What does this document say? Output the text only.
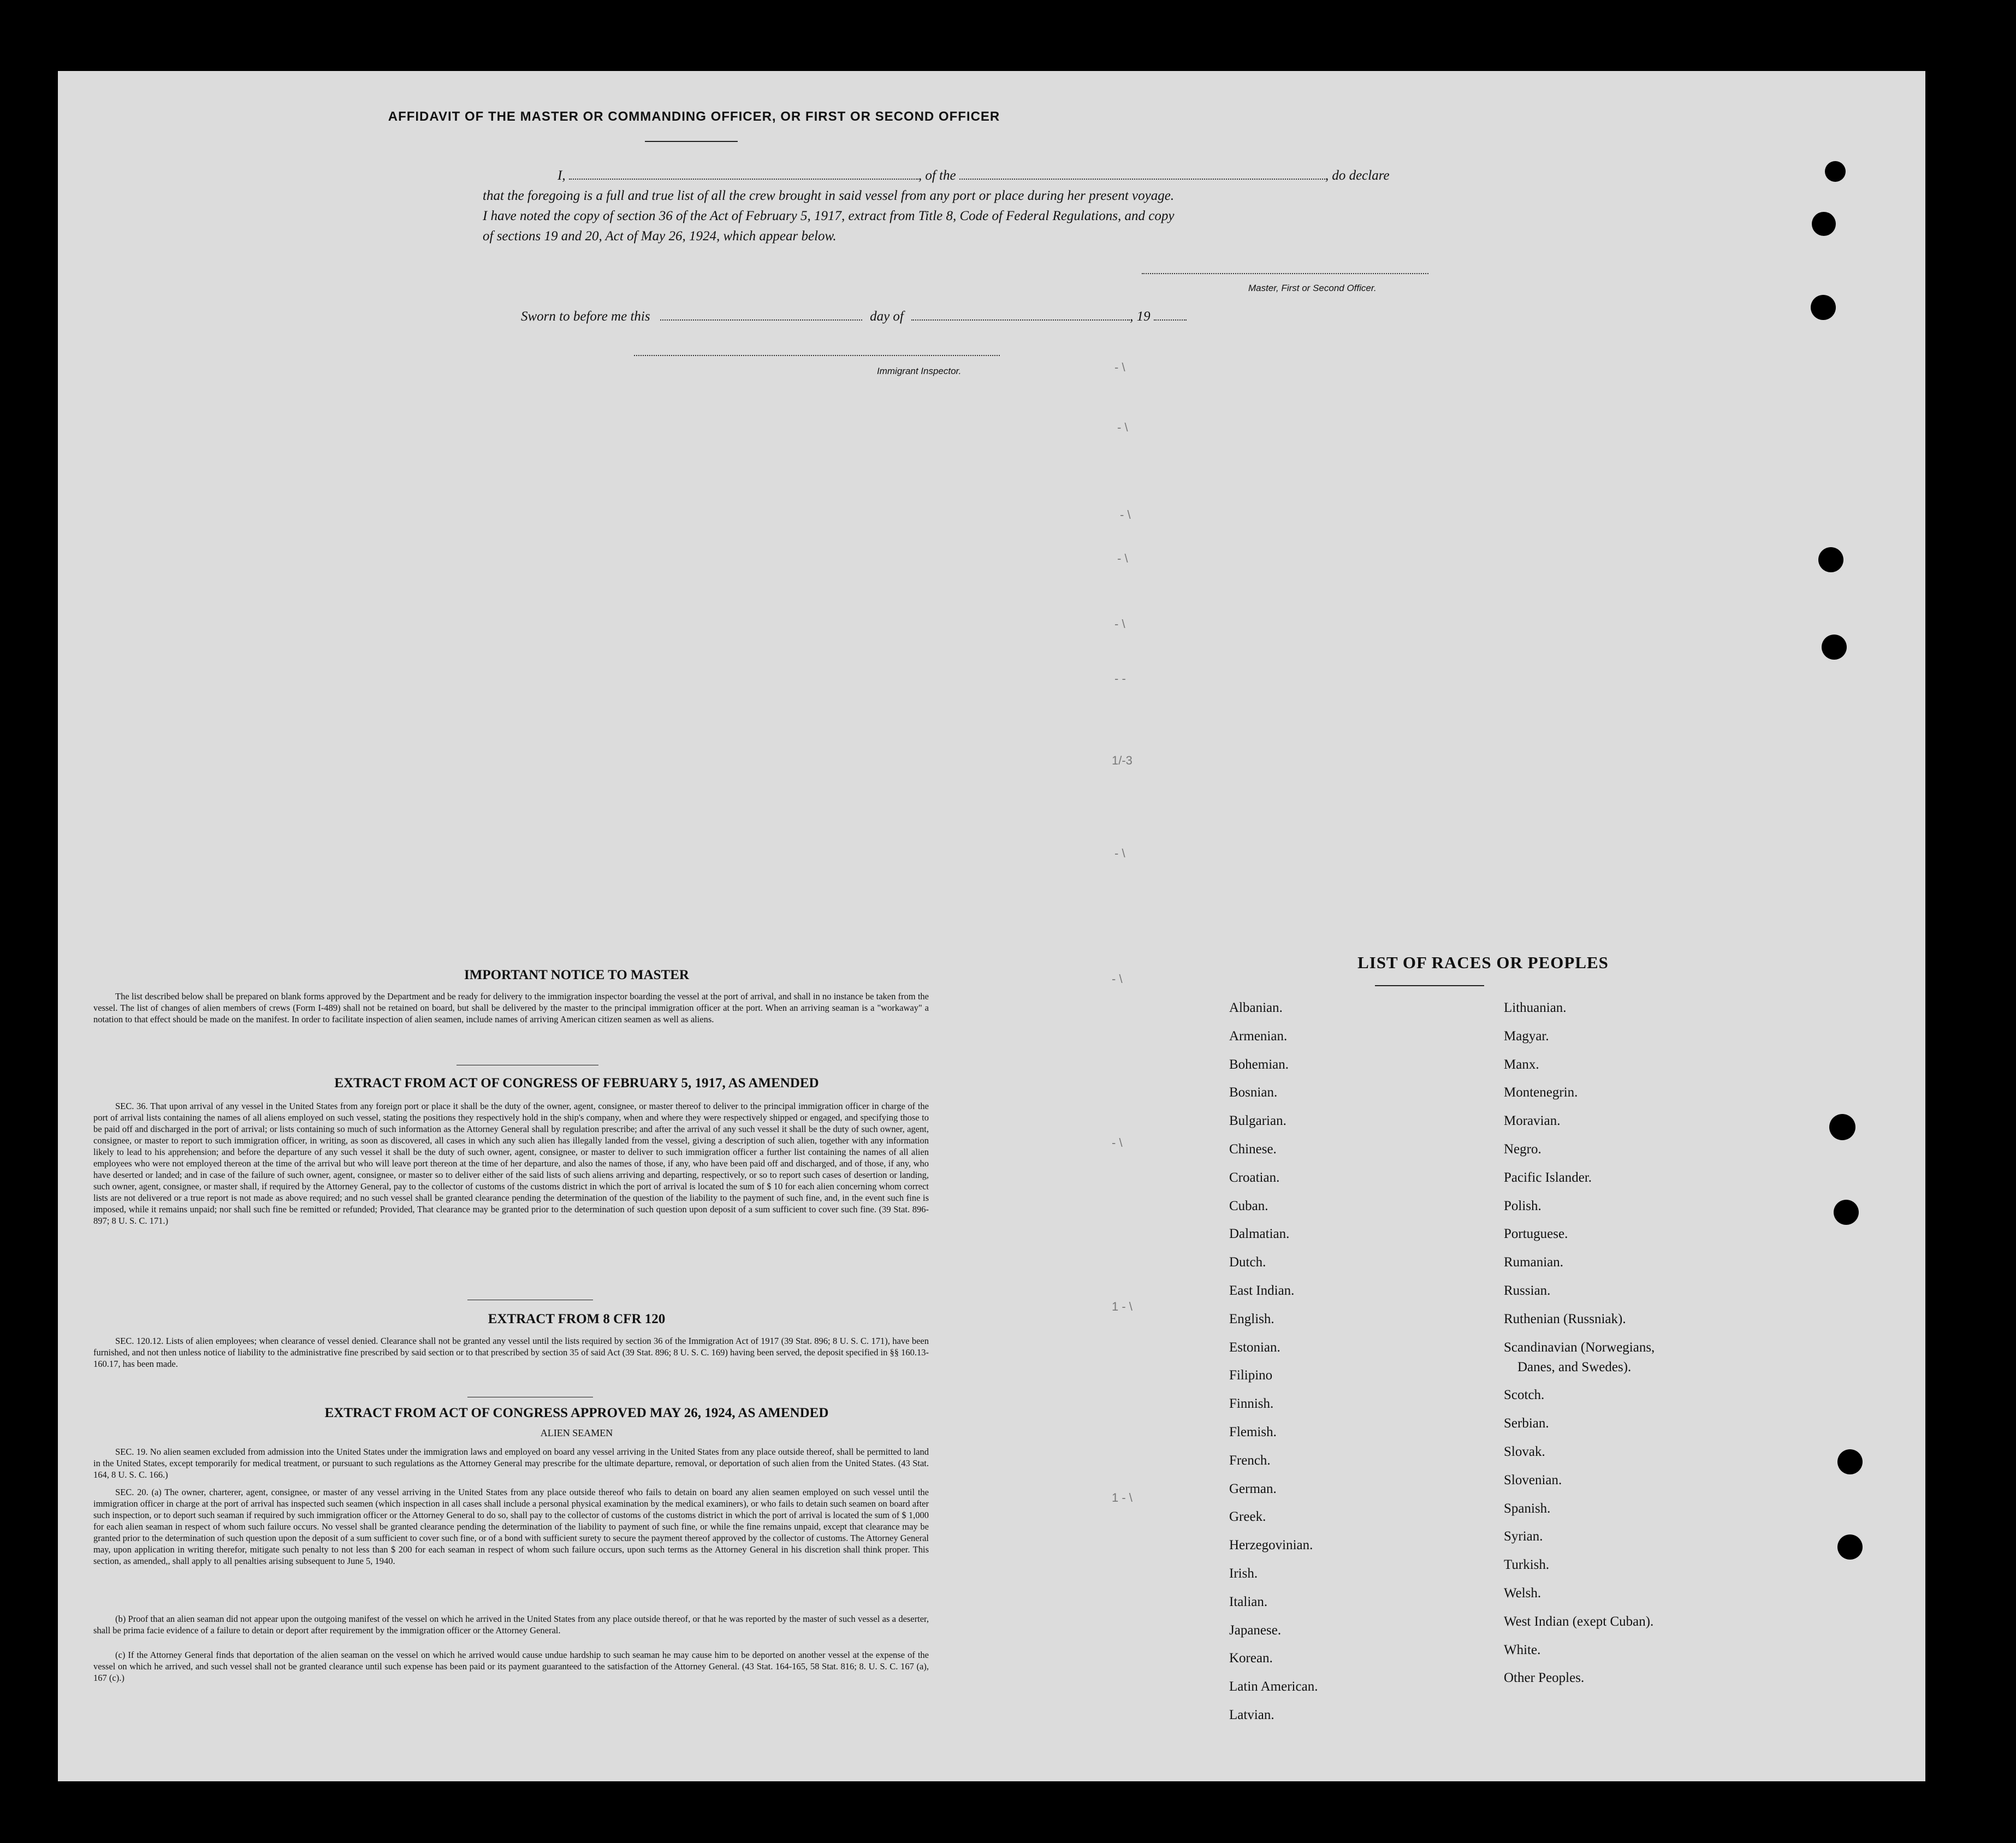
AFFIDAVIT OF THE MASTER OR COMMANDING OFFICER, OR FIRST OR SECOND OFFICER
I,	, of the	, do declare
that the foregoing is a full and true list of all the crew brought in said vessel from any port or place during her present voyage.
I have noted the copy of section 36 of the Act of February 5, 1917, extract from Title 8, Code of Federal Regulations, and copy
of sections 19 and 20, Act of May 26, 1924, which appear below.
Master, First or Second Officer.
Sworn to before me this	day of	, 19
Immigrant Inspector.	- \
- \
- \
- \
- \
- -
1/-3
- \
- \
- \
1 - \
1 - \
IMPORTANT NOTICE TO MASTER
The list described below shall be prepared on blank forms approved by the Department and be ready for delivery to the immigration inspector boarding the vessel at the port of arrival, and shall in no instance be taken from the vessel. The list of changes of alien members of crews (Form I-489) shall not be retained on board, but shall be delivered by the master to the principal immigration officer at the port. When an arriving seaman is a "workaway" a notation to that effect should be made on the manifest. In order to facilitate inspection of alien seamen, include names of arriving American citizen seamen as well as aliens.
EXTRACT FROM ACT OF CONGRESS OF FEBRUARY 5, 1917, AS AMENDED
SEC. 36. That upon arrival of any vessel in the United States from any foreign port or place it shall be the duty of the owner, agent, consignee, or master thereof to deliver to the principal immigration officer in charge of the port of arrival lists containing the names of all aliens employed on such vessel, stating the positions they respectively hold in the ship's company, when and where they were respectively shipped or engaged, and specifying those to be paid off and discharged in the port of arrival; or lists containing so much of such information as the Attorney General shall by regulation prescribe; and after the arrival of any such vessel it shall be the duty of such owner, agent, consignee, or master to report to such immigration officer, in writing, as soon as discovered, all cases in which any such alien has illegally landed from the vessel, giving a description of such alien, together with any information likely to lead to his apprehension; and before the departure of any such vessel it shall be the duty of such owner, agent, consignee, or master to deliver to such immigration officer a further list containing the names of all alien employees who were not employed thereon at the time of the arrival but who will leave port thereon at the time of her departure, and also the names of those, if any, who have been paid off and discharged, and of those, if any, who have deserted or landed; and in case of the failure of such owner, agent, consignee, or master so to deliver either of the said lists of such aliens arriving and departing, respectively, or so to report such cases of desertion or landing, such owner, agent, consignee, or master shall, if required by the Attorney General, pay to the collector of customs of the customs district in which the port of arrival is located the sum of $ 10 for each alien concerning whom correct lists are not delivered or a true report is not made as above required; and no such vessel shall be granted clearance pending the determination of the question of the liability to the payment of such fine, and, in the event such fine is imposed, while it remains unpaid; nor shall such fine be remitted or refunded; Provided, That clearance may be granted prior to the determination of such question upon deposit of a sum sufficient to cover such fine. (39 Stat. 896-897; 8 U. S. C. 171.)
EXTRACT FROM 8 CFR 120
SEC. 120.12. Lists of alien employees; when clearance of vessel denied. Clearance shall not be granted any vessel until the lists required by section 36 of the Immigration Act of 1917 (39 Stat. 896; 8 U. S. C. 171), have been furnished, and not then unless notice of liability to the administrative fine prescribed by said section or to that prescribed by section 35 of said Act (39 Stat. 896; 8 U. S. C. 169) having been served, the deposit specified in §§ 160.13-160.17, has been made.
EXTRACT FROM ACT OF CONGRESS APPROVED MAY 26, 1924, AS AMENDED
ALIEN SEAMEN
SEC. 19. No alien seamen excluded from admission into the United States under the immigration laws and employed on board any vessel arriving in the United States from any place outside thereof, shall be permitted to land in the United States, except temporarily for medical treatment, or pursuant to such regulations as the Attorney General may prescribe for the ultimate departure, removal, or deportation of such alien from the United States. (43 Stat. 164, 8 U. S. C. 166.)
SEC. 20. (a) The owner, charterer, agent, consignee, or master of any vessel arriving in the United States from any place outside thereof who fails to detain on board any alien seamen employed on such vessel until the immigration officer in charge at the port of arrival has inspected such seamen (which inspection in all cases shall include a personal physical examination by the medical examiners), or who fails to detain such seamen on board after such inspection, or to deport such seaman if required by such immigration officer or the Attorney General to do so, shall pay to the collector of customs of the customs district in which the port of arrival is located the sum of $ 1,000 for each alien seaman in respect of whom such failure occurs. No vessel shall be granted clearance pending the determination of the liability to payment of such fine, or while the fine remains unpaid, except that clearance may be granted prior to the determination of such question upon the deposit of a sum sufficient to cover such fine, or of a bond with sufficient surety to secure the payment thereof approved by the collector of customs. The Attorney General may, upon application in writing therefor, mitigate such penalty to not less than $ 200 for each seaman in respect of whom such failure occurs, upon such terms as the Attorney General in his discretion shall think proper. This section, as amended,, shall apply to all penalties arising subsequent to June 5, 1940.
(b) Proof that an alien seaman did not appear upon the outgoing manifest of the vessel on which he arrived in the United States from any place outside thereof, or that he was reported by the master of such vessel as a deserter, shall be prima facie evidence of a failure to detain or deport after requirement by the immigration officer or the Attorney General.
(c) If the Attorney General finds that deportation of the alien seaman on the vessel on which he arrived would cause undue hardship to such seaman he may cause him to be deported on another vessel at the expense of the vessel on which he arrived, and such vessel shall not be granted clearance until such expense has been paid or its payment guaranteed to the satisfaction of the Attorney General. (43 Stat. 164-165, 58 Stat. 816; 8. U. S. C. 167 (a), 167 (c).)
LIST OF RACES OR PEOPLES
Albanian.
Armenian.
Bohemian.
Bosnian.
Bulgarian.
Chinese.
Croatian.
Cuban.
Dalmatian.
Dutch.
East Indian.
English.
Estonian.
Filipino
Finnish.
Flemish.
French.
German.
Greek.
Herzegovinian.
Irish.
Italian.
Japanese.
Korean.
Latin American.
Latvian.
Lithuanian.
Magyar.
Manx.
Montenegrin.
Moravian.
Negro.
Pacific Islander.
Polish.
Portuguese.
Rumanian.
Russian.
Ruthenian (Russniak).
Scandinavian (Norwegians,
Danes, and Swedes).
Scotch.
Serbian.
Slovak.
Slovenian.
Spanish.
Syrian.
Turkish.
Welsh.
West Indian (exept Cuban).
White.
Other Peoples.
